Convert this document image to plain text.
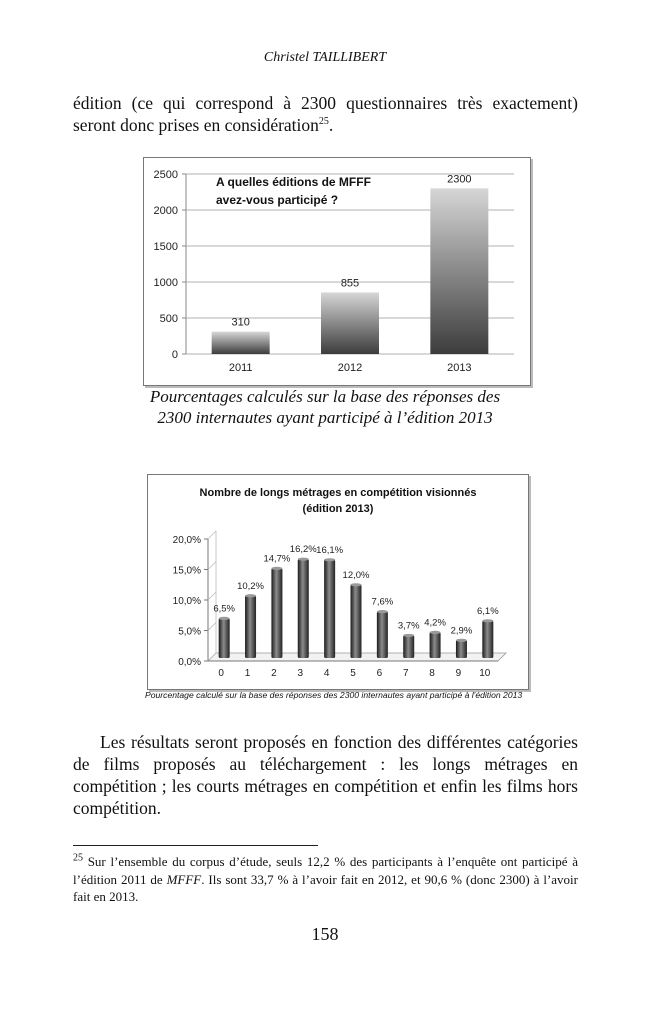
Christel TAILLIBERT
édition (ce qui correspond à 2300 questionnaires très exactement) seront donc prises en considération$^{25}$.
0
500
1000
1500
2000
2500
310
2011
855
2012
2300
2013
A quelles éditions de MFFF
avez-vous participé ?
Pourcentages calculés sur la base des réponses des 2300 internautes ayant participé à l’édition 2013
Nombre de longs métrages en compétition visionnés
(édition 2013)
0,0%
5,0%
10,0%
15,0%
20,0%
6,5%
0
10,2%
1
14,7%
2
16,2%
3
16,1%
4
12,0%
5
7,6%
6
3,7%
7
4,2%
8
2,9%
9
6,1%
10
Pourcentage calculé sur la base des réponses des 2300 internautes ayant participé à l'édition 2013
Les résultats seront proposés en fonction des différentes catégories de films proposés au téléchargement : les longs métrages en compétition ; les courts métrages en compétition et enfin les films hors compétition.
$^{25}$ Sur l’ensemble du corpus d’étude, seuls 12,2 % des participants à l’enquête ont participé à l’édition 2011 de MFFF. Ils sont 33,7 % à l’avoir fait en 2012, et 90,6 % (donc 2300) à l’avoir fait en 2013.
158
